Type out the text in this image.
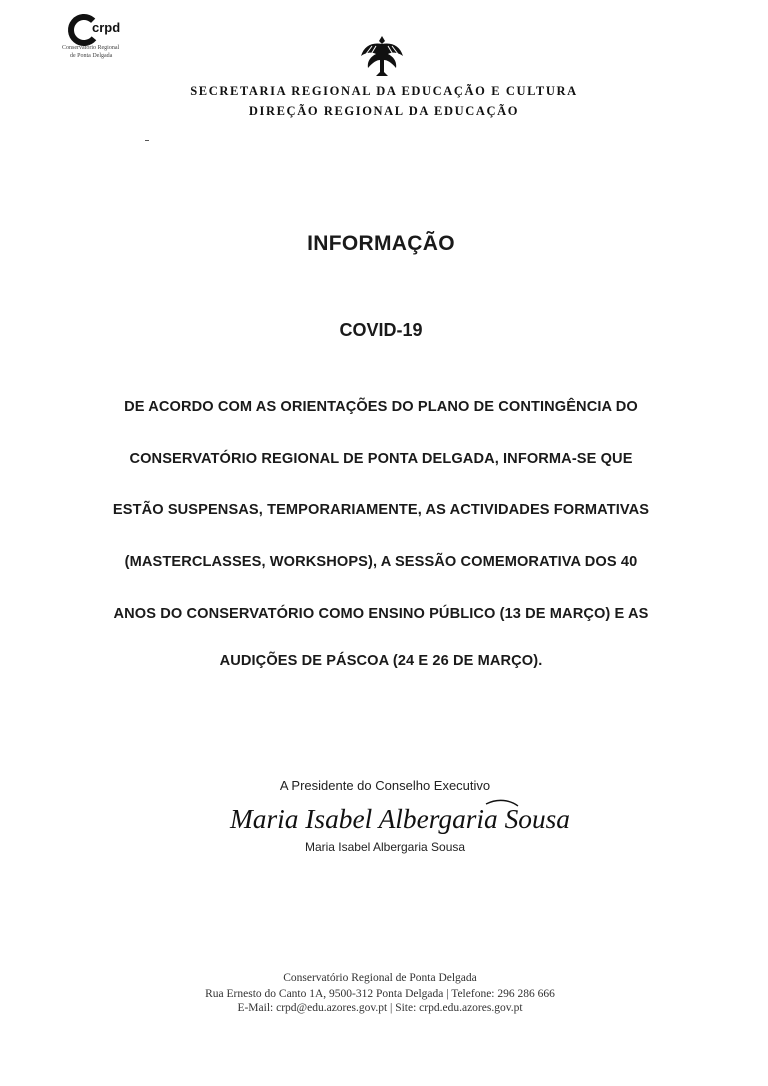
crpd
Conservatório Regional
de Ponta Delgada
SECRETARIA REGIONAL DA EDUCAÇÃO E CULTURA
DIREÇÃO REGIONAL DA EDUCAÇÃO
INFORMAÇÃO
COVID-19
DE ACORDO COM AS ORIENTAÇÕES DO PLANO DE CONTINGÊNCIA DO
CONSERVATÓRIO REGIONAL DE PONTA DELGADA, INFORMA-SE QUE
ESTÃO SUSPENSAS, TEMPORARIAMENTE, AS ACTIVIDADES FORMATIVAS
(MASTERCLASSES, WORKSHOPS), A SESSÃO COMEMORATIVA DOS 40
ANOS DO CONSERVATÓRIO COMO ENSINO PÚBLICO (13 DE MARÇO) E AS
AUDIÇÕES DE PÁSCOA (24 E 26 DE MARÇO).
A Presidente do Conselho Executivo
Maria Isabel Albergaria Sousa
Maria Isabel Albergaria Sousa
Conservatório Regional de Ponta Delgada
Rua Ernesto do Canto 1A, 9500-312 Ponta Delgada | Telefone: 296 286 666
E-Mail: crpd@edu.azores.gov.pt | Site: crpd.edu.azores.gov.pt
